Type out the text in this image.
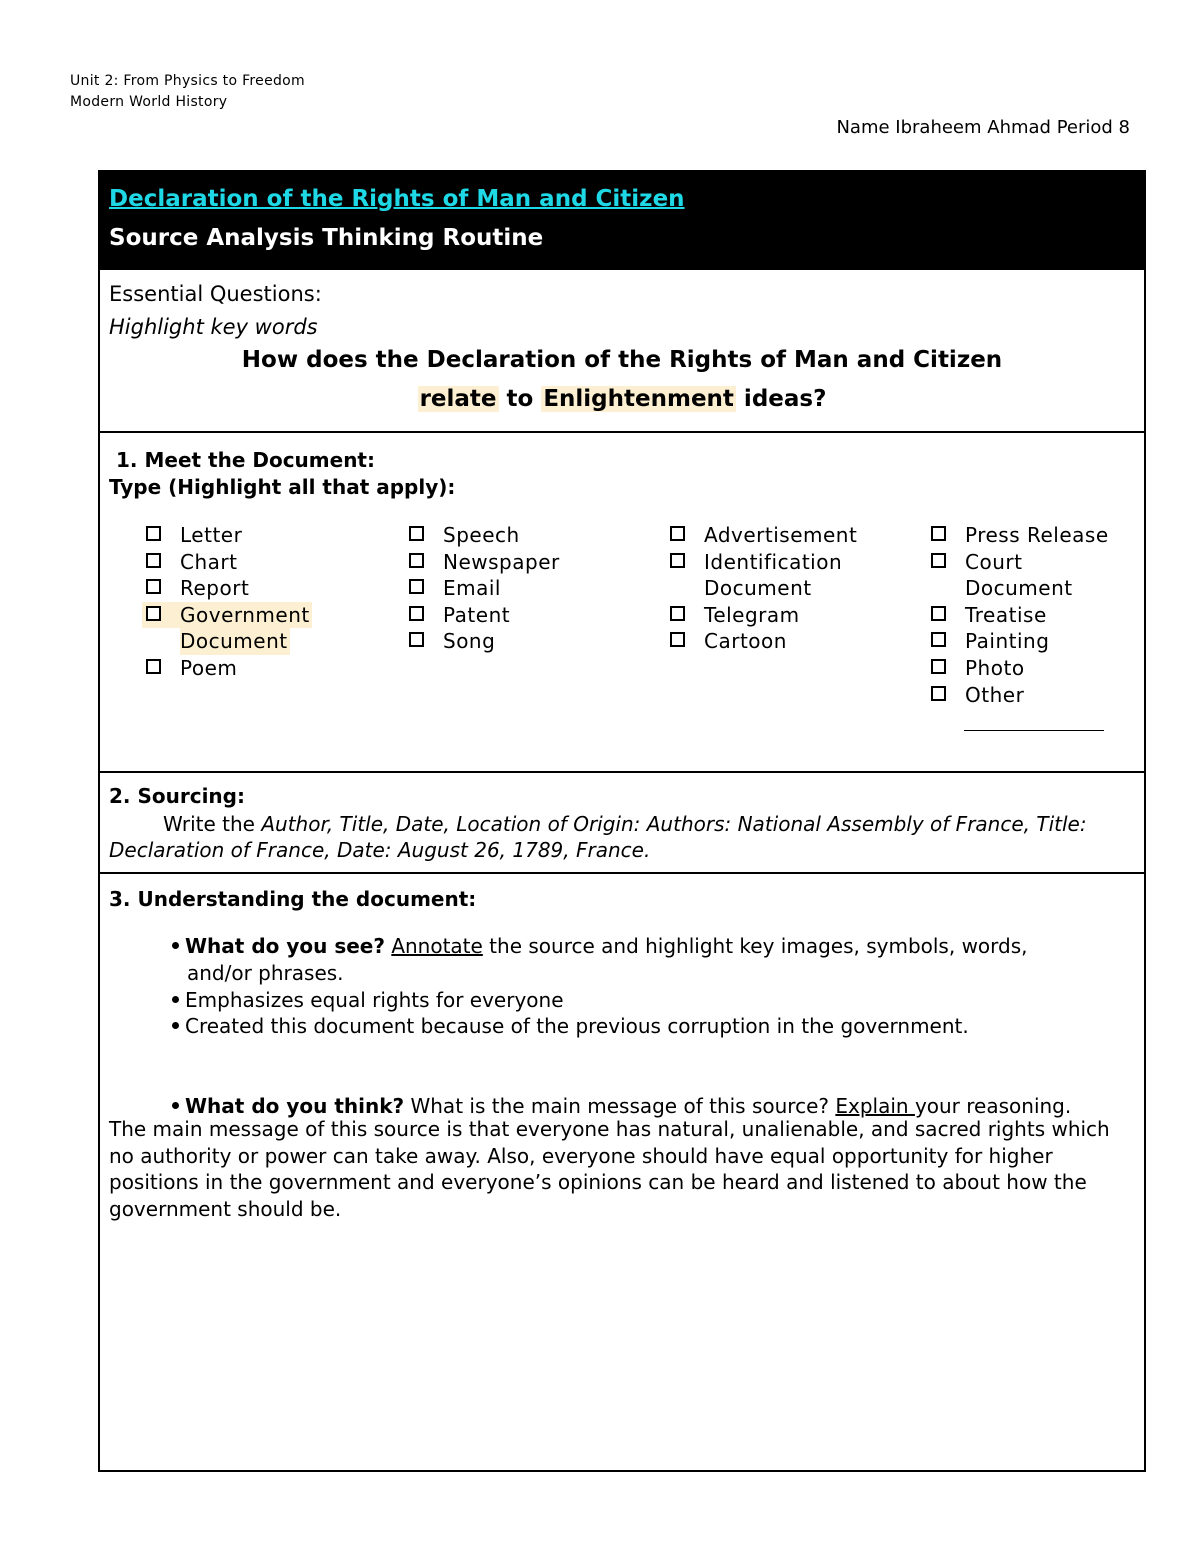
Unit 2: From Physics to Freedom
Modern World History
Name Ibraheem Ahmad Period 8
Declaration of the Rights of Man and Citizen
Source Analysis Thinking Routine
Essential Questions:
Highlight key words
How does the Declaration of the Rights of Man and Citizen
relate to Enlightenment ideas?
1. Meet the Document:
Type (Highlight all that apply):
Letter
Chart
Report
Government
Document
Poem
Speech
Newspaper
Email
Patent
Song
Advertisement
Identification
Document
Telegram
Cartoon
Press Release
Court
Document
Treatise
Painting
Photo
Other
2. Sourcing:
Write the Author, Title, Date, Location of Origin: Authors: National Assembly of France, Title: Declaration of France, Date: August 26, 1789, France.
3. Understanding the document:
What do you see? Annotate the source and highlight key images, symbols, words,
and/or phrases.
Emphasizes equal rights for everyone
Created this document because of the previous corruption in the government.
What do you think? What is the main message of this source? Explain your reasoning.
The main message of this source is that everyone has natural, unalienable, and sacred rights which no authority or power can take away. Also, everyone should have equal opportunity for higher positions in the government and everyone’s opinions can be heard and listened to about how the government should be.
